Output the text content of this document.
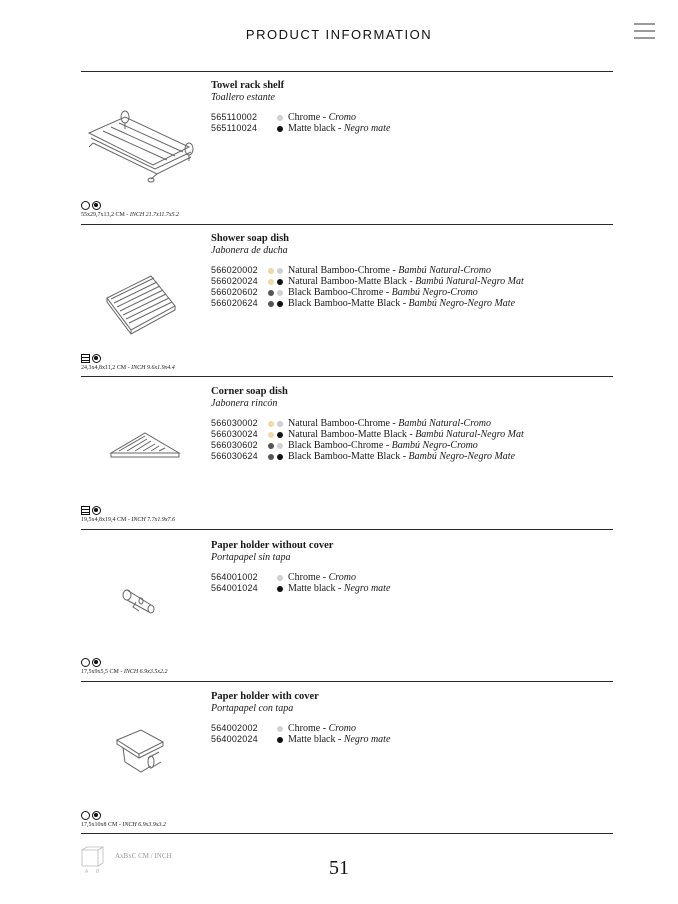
PRODUCT INFORMATION
Towel rack shelf
Toallero estante
565110002	Chrome - Cromo
565110024	Matte black - Negro mate
55x29,7x13,2 CM - INCH 21.7x11.7x5.2
Shower soap dish
Jabonera de ducha
566020002	Natural Bamboo-Chrome - Bambú Natural-Cromo
566020024	Natural Bamboo-Matte Black - Bambú Natural-Negro Mat
566020602	Black Bamboo-Chrome - Bambú Negro-Cromo
566020624	Black Bamboo-Matte Black - Bambú Negro-Negro Mate
24,3x4,8x11,2 CM - INCH 9.6x1.9x4.4
Corner soap dish
Jabonera rincón
566030002	Natural Bamboo-Chrome - Bambú Natural-Cromo
566030024	Natural Bamboo-Matte Black - Bambú Natural-Negro Mat
566030602	Black Bamboo-Chrome - Bambú Negro-Cromo
566030624	Black Bamboo-Matte Black - Bambú Negro-Negro Mate
19,5x4,8x19,4 CM - INCH 7.7x1.9x7.6
Paper holder without cover
Portapapel sin tapa
564001002	Chrome - Cromo
564001024	Matte black - Negro mate
17,5x9x5,5 CM - INCH 6.9x3.5x2.2
Paper holder with cover
Portapapel con tapa
564002002	Chrome - Cromo
564002024	Matte black - Negro mate
17,5x10x8 CM - INCH 6.9x3.9x3.2
A B
AxBxC CM / INCH
51
